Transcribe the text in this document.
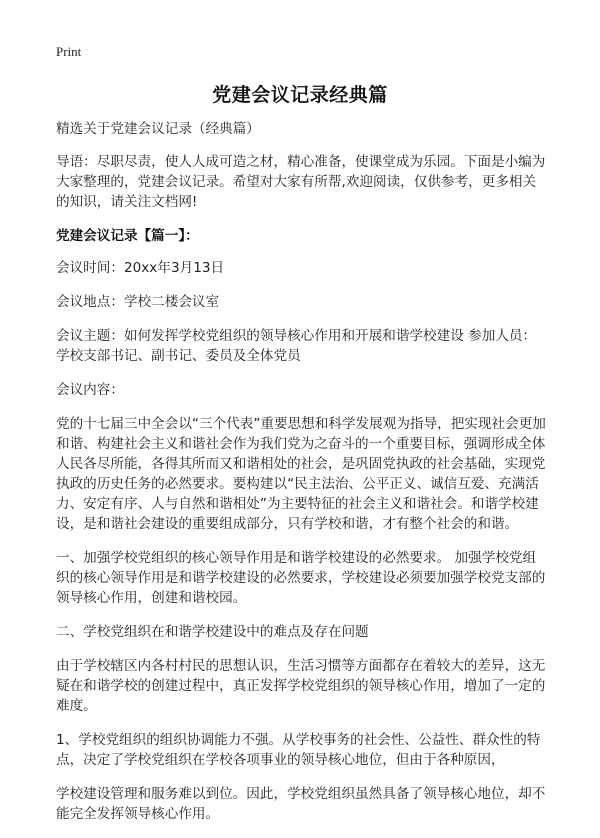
Print
党建会议记录经典篇

精选关于党建会议记录（经典篇）

导语：尽职尽责，使人人成可造之材，精心准备，使课堂成为乐园。下面是小编为大家整理的，党建会议记录。希望对大家有所帮,欢迎阅读，仅供参考，更多相关的知识，请关注文档网!

党建会议记录【篇一】：

会议时间：20xx年3月13日

会议地点：学校二楼会议室

会议主题：如何发挥学校党组织的领导核心作用和开展和谐学校建设 参加人员：学校支部书记、副书记、委员及全体党员

会议内容：

党的十七届三中全会以“三个代表”重要思想和科学发展观为指导，把实现社会更加和谐、构建社会主义和谐社会作为我们党为之奋斗的一个重要目标，强调形成全体人民各尽所能，各得其所而又和谐相处的社会，是巩固党执政的社会基础，实现党执政的历史任务的必然要求。要构建以“民主法治、公平正义、诚信互爱、充满活力、安定有序、人与自然和谐相处”为主要特征的社会主义和谐社会。和谐学校建设，是和谐社会建设的重要组成部分，只有学校和谐，才有整个社会的和谐。

一、加强学校党组织的核心领导作用是和谐学校建设的必然要求。 加强学校党组织的核心领导作用是和谐学校建设的必然要求，学校建设必须要加强学校党支部的领导核心作用，创建和谐校园。

二、学校党组织在和谐学校建设中的难点及存在问题

由于学校辖区内各村村民的思想认识，生活习惯等方面都存在着较大的差异，这无疑在和谐学校的创建过程中，真正发挥学校党组织的领导核心作用，增加了一定的难度。

1、学校党组织的组织协调能力不强。从学校事务的社会性、公益性、群众性的特点，决定了学校党组织在学校各项事业的领导核心地位，但由于各种原因，

学校建设管理和服务难以到位。因此，学校党组织虽然具备了领导核心地位，却不能完全发挥领导核心作用。
